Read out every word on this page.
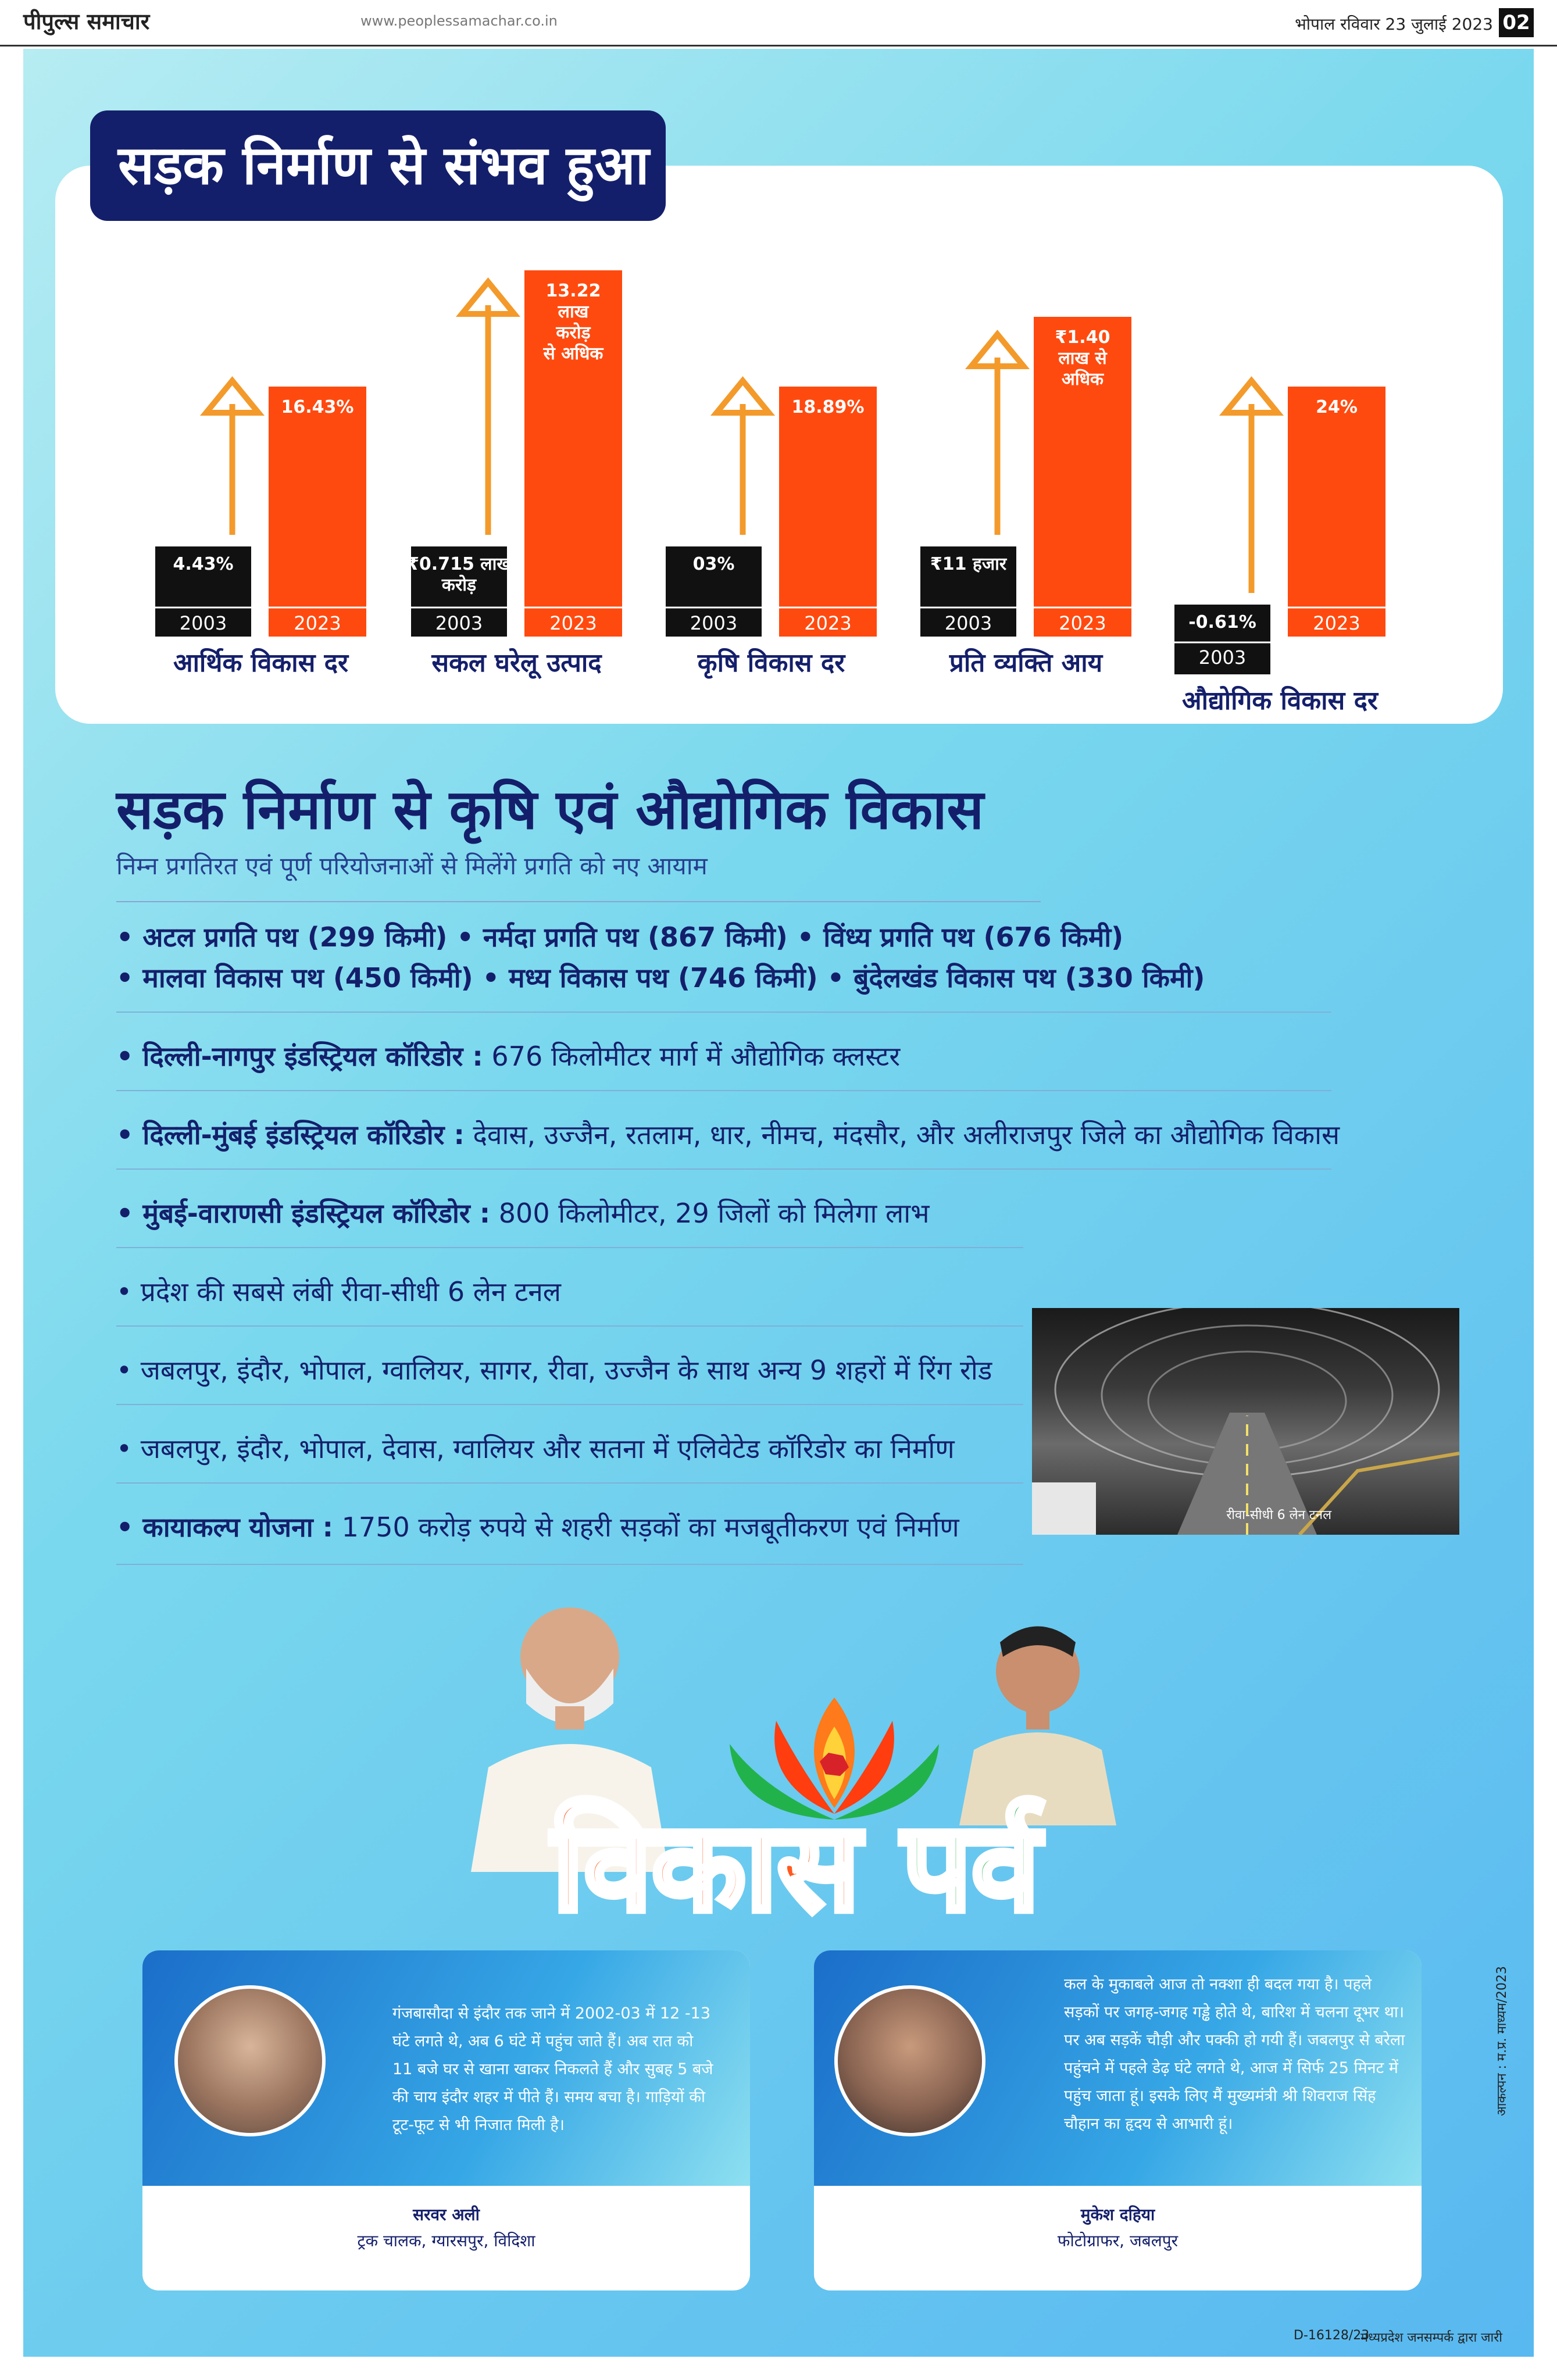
पीपुल्स समाचार	www.peoplessamachar.co.in	भोपाल रविवार 23 जुलाई 2023 02
सड़क निर्माण से संभव हुआ
4.43%
2003
16.43%
2023
आर्थिक विकास दर
₹0.715 लाख
करोड़
2003
13.22
लाख
करोड़
से अधिक
2023
सकल घरेलू उत्पाद
03%
2003
18.89%
2023
कृषि विकास दर
₹11 हजार
2003
₹1.40
लाख से
अधिक
2023
प्रति व्यक्ति आय
-0.61%
2003
24%
2023
औद्योगिक विकास दर
सड़क निर्माण से कृषि एवं औद्योगिक विकास
निम्न प्रगतिरत एवं पूर्ण परियोजनाओं से मिलेंगे प्रगति को नए आयाम
• अटल प्रगति पथ (299 किमी) • नर्मदा प्रगति पथ (867 किमी) • विंध्य प्रगति पथ (676 किमी)
• मालवा विकास पथ (450 किमी) • मध्य विकास पथ (746 किमी) • बुंदेलखंड विकास पथ (330 किमी)
• दिल्ली-नागपुर इंडस्ट्रियल कॉरिडोर : 676 किलोमीटर मार्ग में औद्योगिक क्लस्टर
• दिल्ली-मुंबई इंडस्ट्रियल कॉरिडोर : देवास, उज्जैन, रतलाम, धार, नीमच, मंदसौर, और अलीराजपुर जिले का औद्योगिक विकास
• मुंबई-वाराणसी इंडस्ट्रियल कॉरिडोर : 800 किलोमीटर, 29 जिलों को मिलेगा लाभ
• प्रदेश की सबसे लंबी रीवा-सीधी 6 लेन टनल
• जबलपुर, इंदौर, भोपाल, ग्वालियर, सागर, रीवा, उज्जैन के साथ अन्य 9 शहरों में रिंग रोड
• जबलपुर, इंदौर, भोपाल, देवास, ग्वालियर और सतना में एलिवेटेड कॉरिडोर का निर्माण
• कायाकल्प योजना : 1750 करोड़ रुपये से शहरी सड़कों का मजबूतीकरण एवं निर्माण	रीवा-सीधी 6 लेन टनल
विकास पर्व
गंजबासौदा से इंदौर तक जाने में 2002-03 में 12 -13 घंटे लगते थे, अब 6 घंटे में पहुंच जाते हैं। अब रात को 11 बजे घर से खाना खाकर निकलते हैं और सुबह 5 बजे की चाय इंदौर शहर में पीते हैं। समय बचा है। गाड़ियों की टूट-फूट से भी निजात मिली है।
सरवर अली
ट्रक चालक, ग्यारसपुर, विदिशा
कल के मुकाबले आज तो नक्शा ही बदल गया है। पहले सड़कों पर जगह-जगह गड्ढे होते थे, बारिश में चलना दूभर था। पर अब सड़कें चौड़ी और पक्की हो गयी हैं। जबलपुर से बरेला पहुंचने में पहले डेढ़ घंटे लगते थे, आज में सिर्फ 25 मिनट में पहुंच जाता हूं। इसके लिए मैं मुख्यमंत्री श्री शिवराज सिंह चौहान का हृदय से आभारी हूं।
मुकेश दहिया
फोटोग्राफर, जबलपुर
आकल्पन : म.प्र. माध्यम/2023
D-16128/23
मध्यप्रदेश जनसम्पर्क द्वारा जारी
